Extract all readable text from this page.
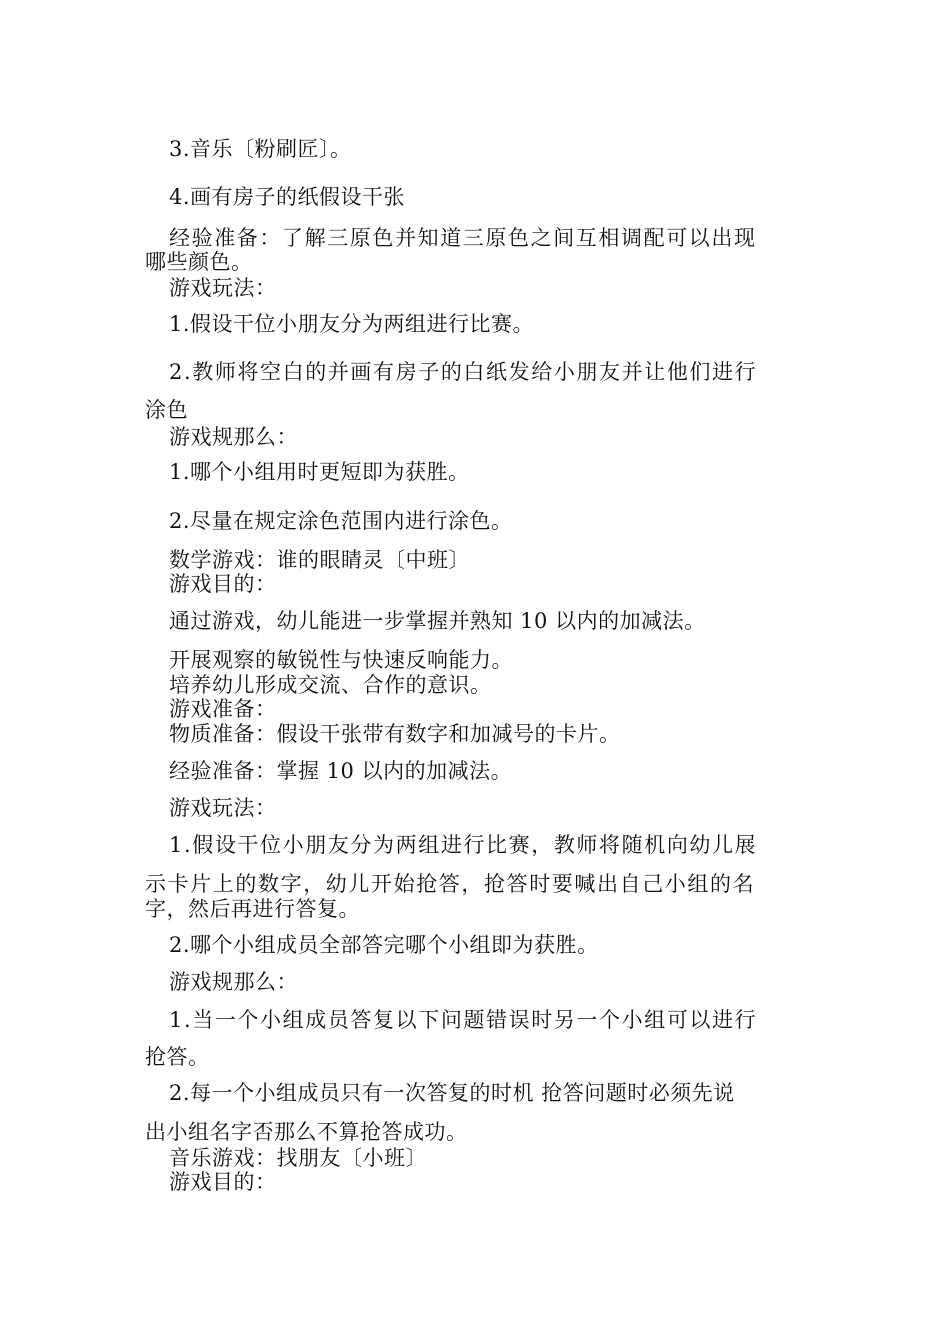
3.音乐〔粉刷匠〕。
4.画有房子的纸假设干张
经验准备：了解三原色并知道三原色之间互相调配可以出现
哪些颜色。
游戏玩法：
1.假设干位小朋友分为两组进行比赛。
2.教师将空白的并画有房子的白纸发给小朋友并让他们进行
涂色
游戏规那么：
1.哪个小组用时更短即为获胜。
2.尽量在规定涂色范围内进行涂色。
数学游戏：谁的眼睛灵〔中班〕
游戏目的：
通过游戏，幼儿能进一步掌握并熟知 10 以内的加减法。
开展观察的敏锐性与快速反响能力。
培养幼儿形成交流、合作的意识。
游戏准备：
物质准备：假设干张带有数字和加减号的卡片。
经验准备：掌握 10 以内的加减法。
游戏玩法：
1.假设干位小朋友分为两组进行比赛，教师将随机向幼儿展
示卡片上的数字，幼儿开始抢答，抢答时要喊出自己小组的名
字，然后再进行答复。
2.哪个小组成员全部答完哪个小组即为获胜。
游戏规那么：
1.当一个小组成员答复以下问题错误时另一个小组可以进行
抢答。
2.每一个小组成员只有一次答复的时机 抢答问题时必须先说
出小组名字否那么不算抢答成功。
音乐游戏：找朋友〔小班〕
游戏目的：
